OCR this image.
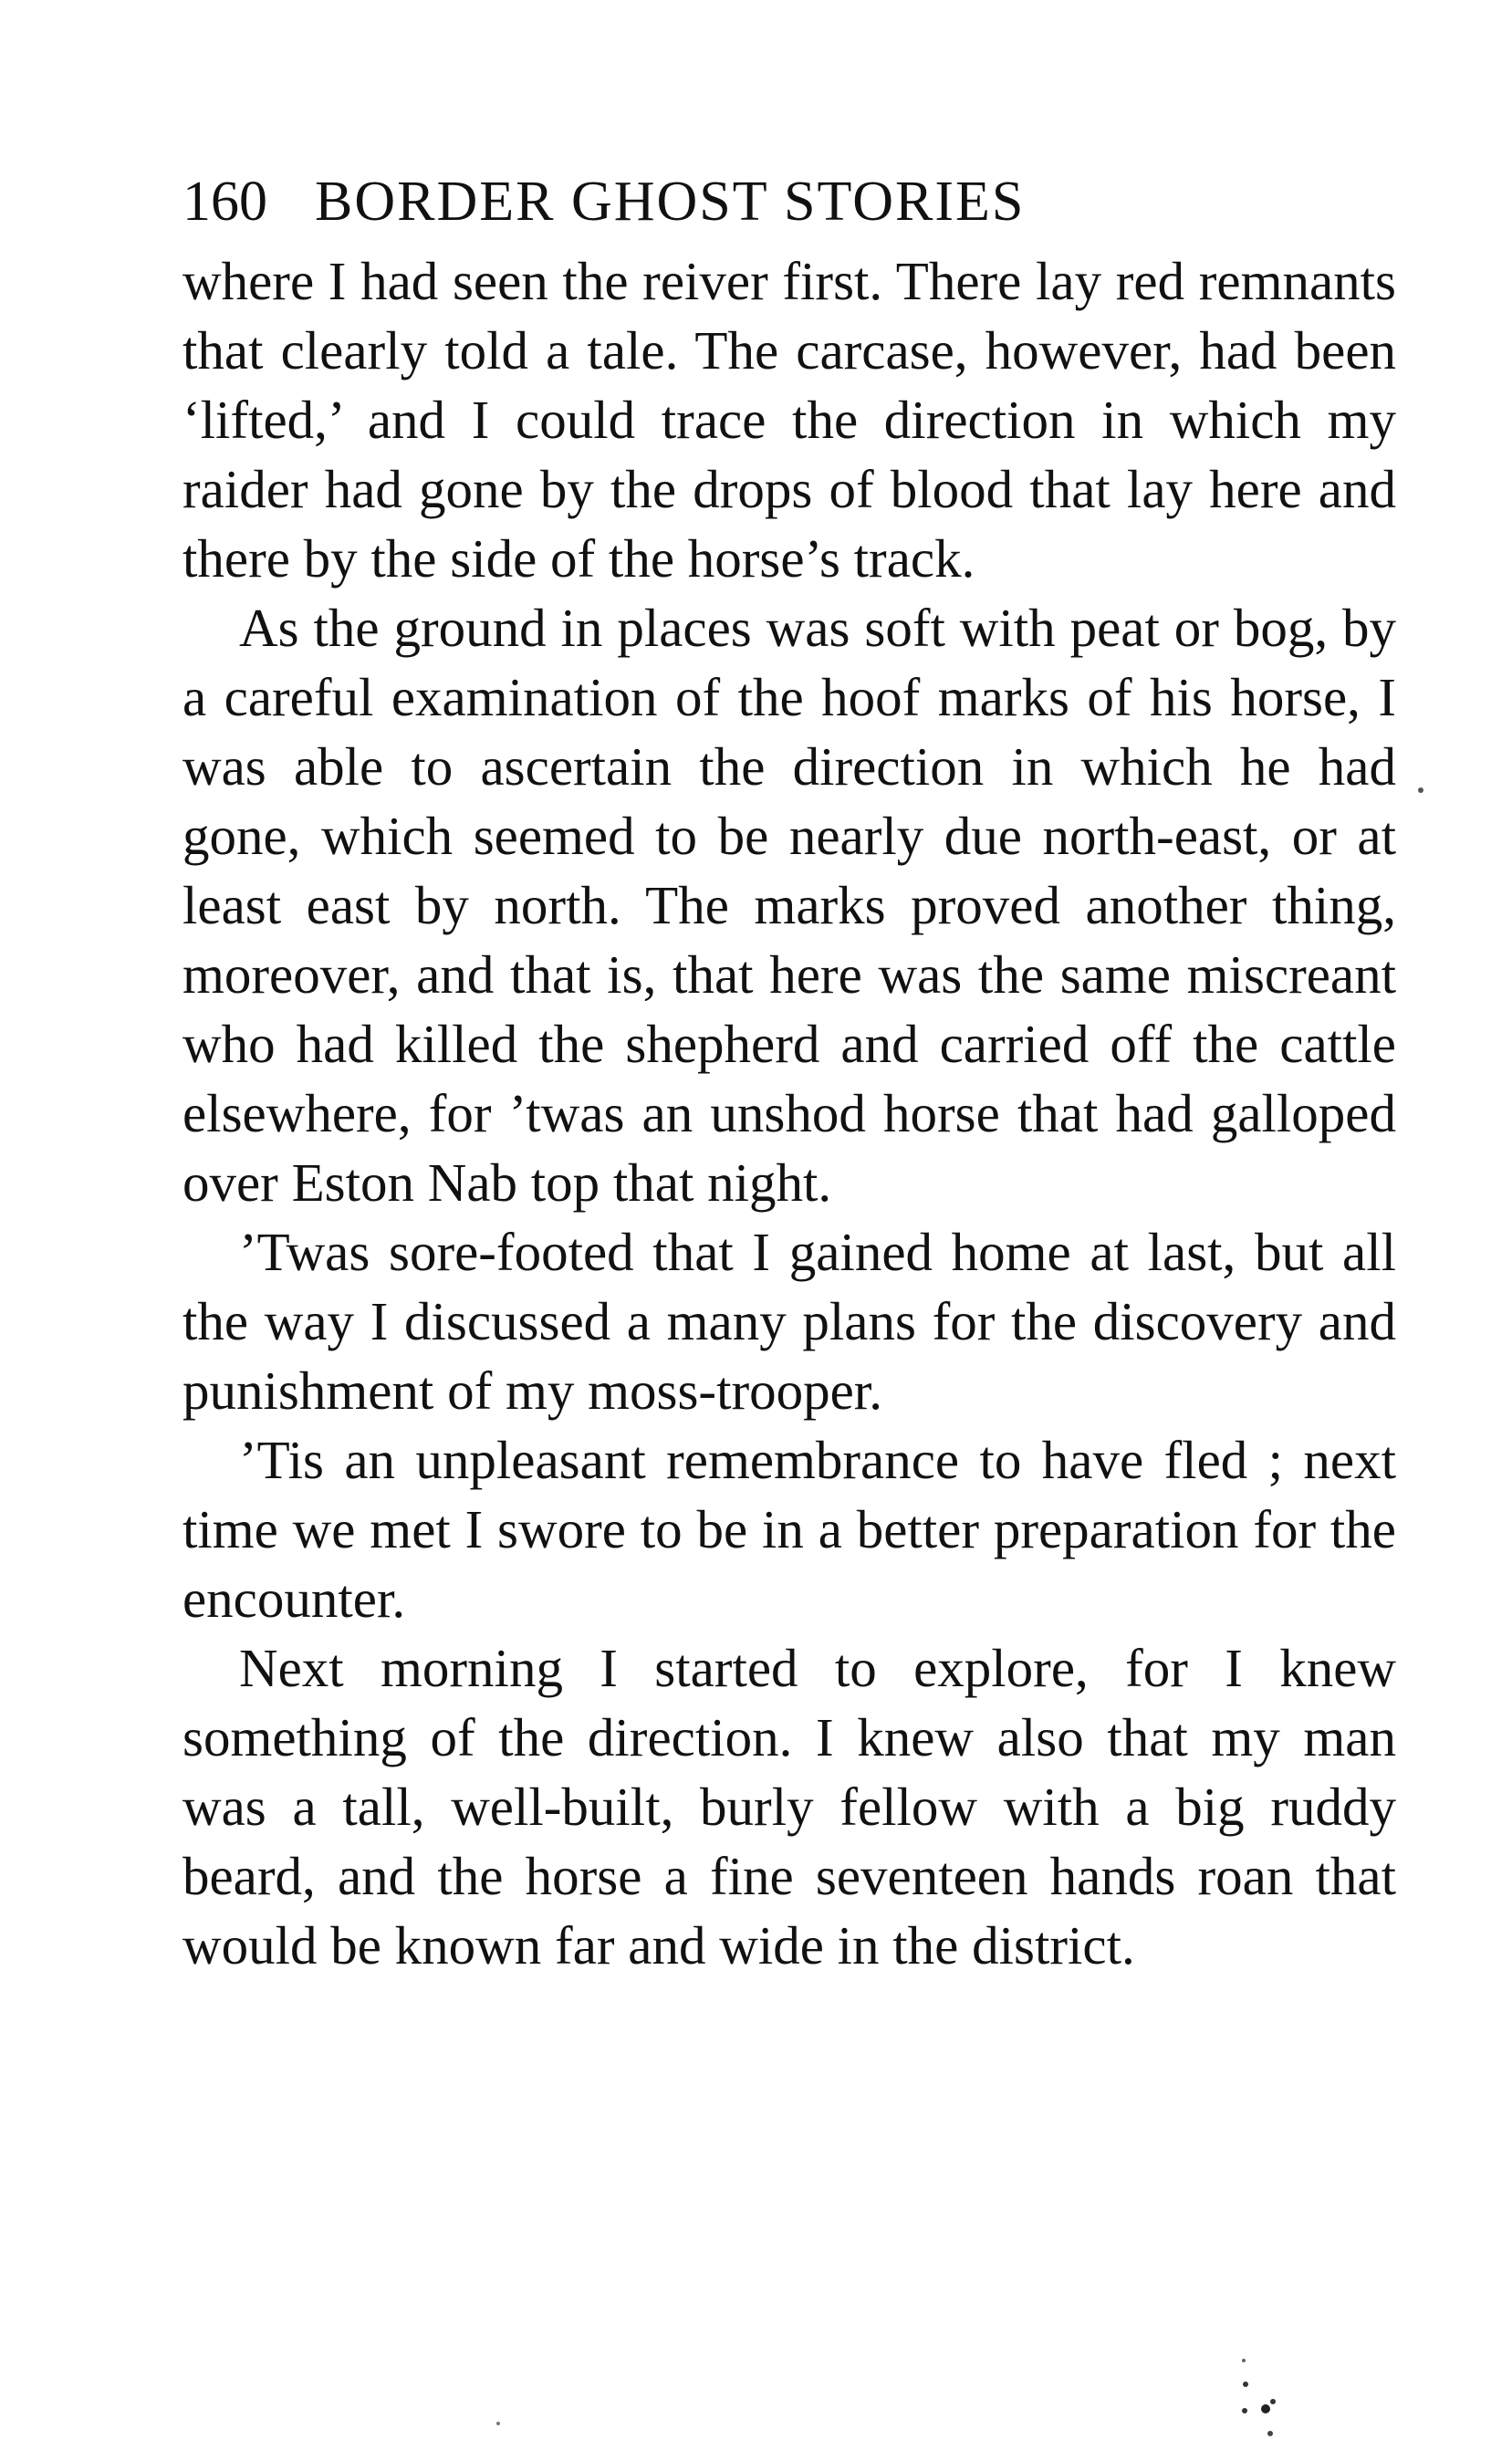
160 BORDER GHOST STORIES

where I had seen the reiver first. There lay red remnants that clearly told a tale. The carcase, however, had been ‘lifted,’ and I could trace the direction in which my raider had gone by the drops of blood that lay here and there by the side of the horse’s track.

As the ground in places was soft with peat or bog, by a careful examination of the hoof marks of his horse, I was able to ascertain the direction in which he had gone, which seemed to be nearly due north-east, or at least east by north. The marks proved another thing, moreover, and that is, that here was the same miscreant who had killed the shepherd and carried off the cattle elsewhere, for ’twas an unshod horse that had galloped over Eston Nab top that night.

’Twas sore-footed that I gained home at last, but all the way I discussed a many plans for the discovery and punishment of my moss-trooper.

’Tis an unpleasant remembrance to have fled ; next time we met I swore to be in a better preparation for the encounter.

Next morning I started to explore, for I knew something of the direction. I knew also that my man was a tall, well-built, burly fellow with a big ruddy beard, and the horse a fine seventeen hands roan that would be known far and wide in the district.
